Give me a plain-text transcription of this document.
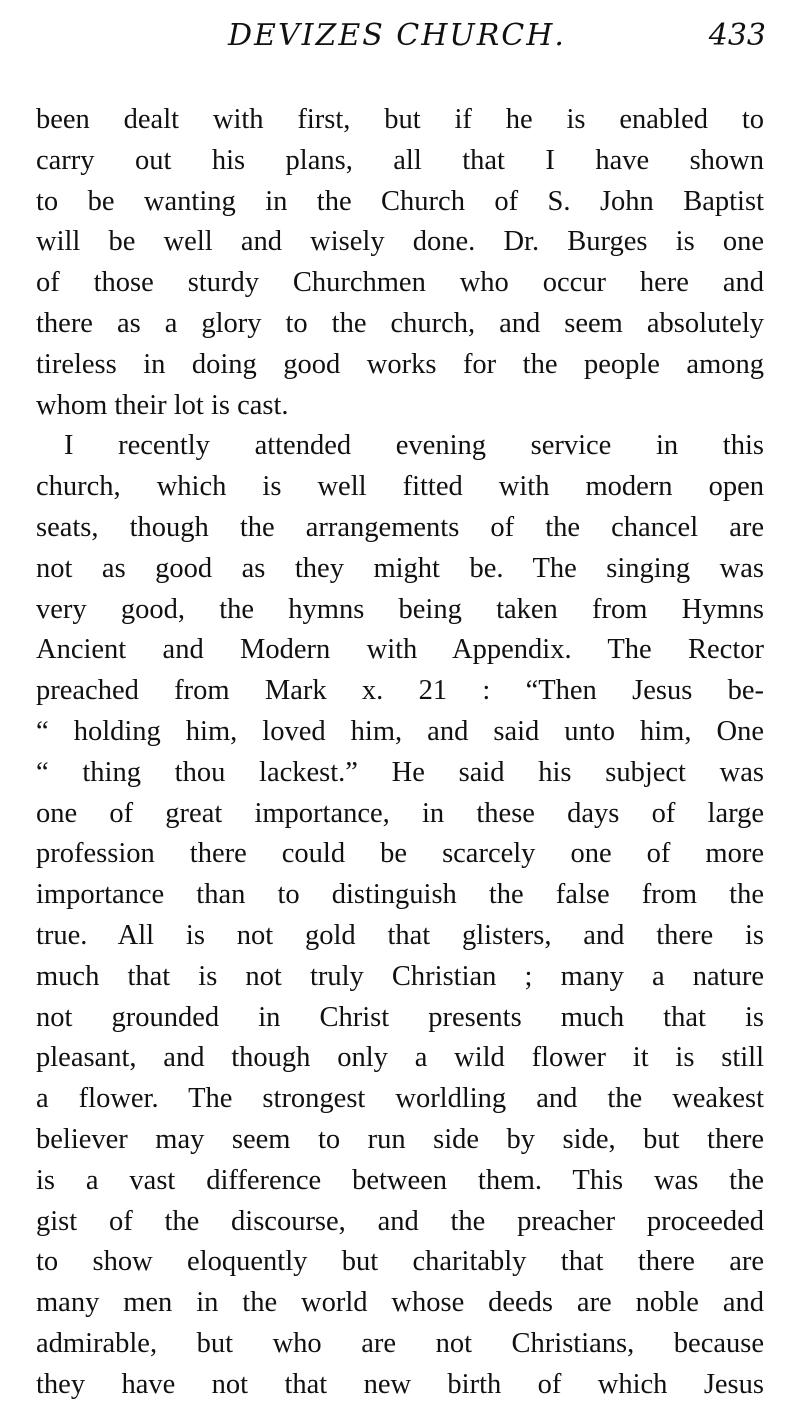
DEVIZES CHURCH.	433
been dealt with first, but if he is enabled to
carry out his plans, all that I have shown
to be wanting in the Church of S. John Baptist
will be well and wisely done. Dr. Burges is one
of those sturdy Churchmen who occur here and
there as a glory to the church, and seem absolutely
tireless in doing good works for the people among
whom their lot is cast.
I recently attended evening service in this
church, which is well fitted with modern open
seats, though the arrangements of the chancel are
not as good as they might be. The singing was
very good, the hymns being taken from Hymns
Ancient and Modern with Appendix. The Rector
preached from Mark x. 21 : “Then Jesus be-
“ holding him, loved him, and said unto him, One
“ thing thou lackest.” He said his subject was
one of great importance, in these days of large
profession there could be scarcely one of more
importance than to distinguish the false from the
true. All is not gold that glisters, and there is
much that is not truly Christian ; many a nature
not grounded in Christ presents much that is
pleasant, and though only a wild flower it is still
a flower. The strongest worldling and the weakest
believer may seem to run side by side, but there
is a vast difference between them. This was the
gist of the discourse, and the preacher proceeded
to show eloquently but charitably that there are
many men in the world whose deeds are noble and
admirable, but who are not Christians, because
they have not that new birth of which Jesus
